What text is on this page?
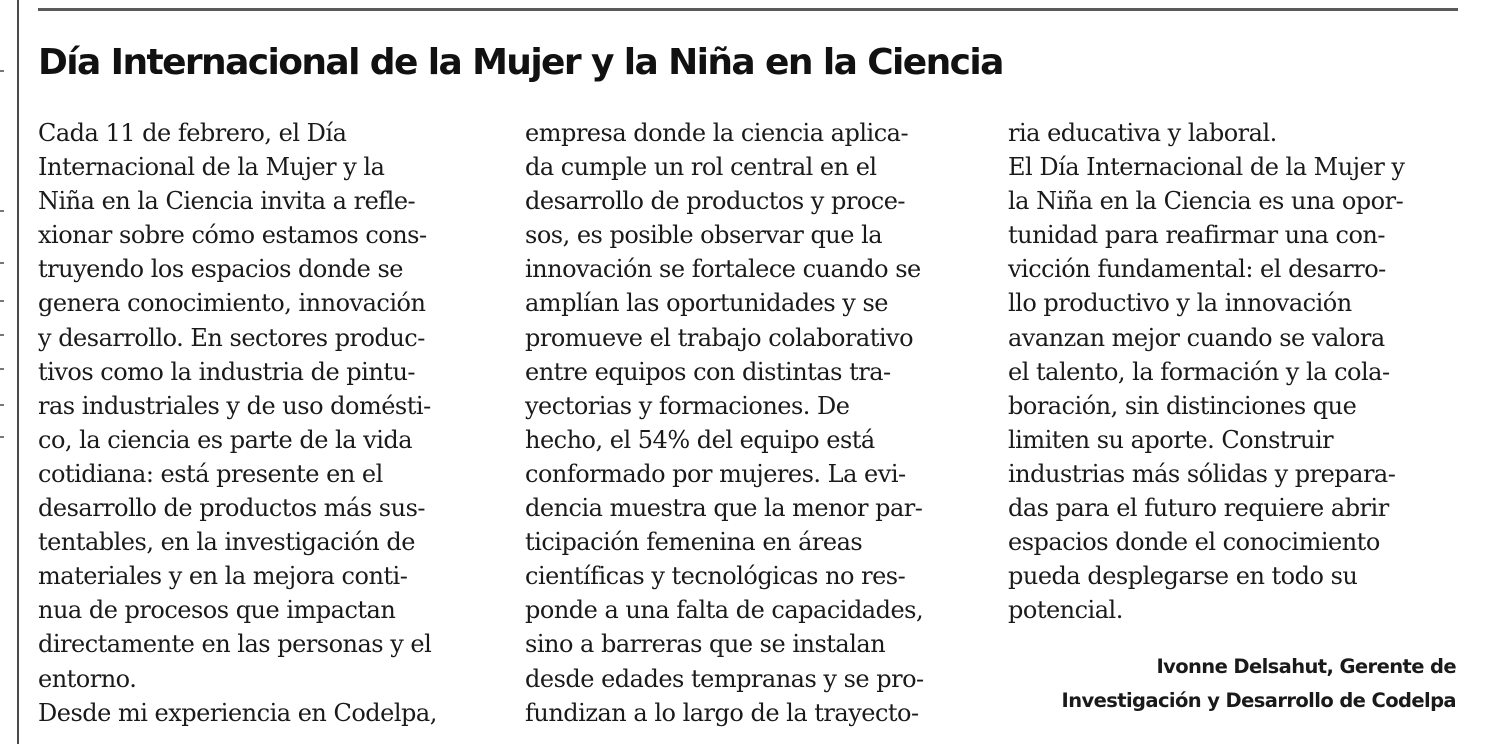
Día Internacional de la Mujer y la Niña en la Ciencia
Cada 11 de febrero, el Día
Internacional de la Mujer y la
Niña en la Ciencia invita a refle-
xionar sobre cómo estamos cons-
truyendo los espacios donde se
genera conocimiento, innovación
y desarrollo. En sectores produc-
tivos como la industria de pintu-
ras industriales y de uso domésti-
co, la ciencia es parte de la vida
cotidiana: está presente en el
desarrollo de productos más sus-
tentables, en la investigación de
materiales y en la mejora conti-
nua de procesos que impactan
directamente en las personas y el
entorno.
Desde mi experiencia en Codelpa,
empresa donde la ciencia aplica-
da cumple un rol central en el
desarrollo de productos y proce-
sos, es posible observar que la
innovación se fortalece cuando se
amplían las oportunidades y se
promueve el trabajo colaborativo
entre equipos con distintas tra-
yectorias y formaciones. De
hecho, el 54% del equipo está
conformado por mujeres. La evi-
dencia muestra que la menor par-
ticipación femenina en áreas
científicas y tecnológicas no res-
ponde a una falta de capacidades,
sino a barreras que se instalan
desde edades tempranas y se pro-
fundizan a lo largo de la trayecto-
ria educativa y laboral.
El Día Internacional de la Mujer y
la Niña en la Ciencia es una opor-
tunidad para reafirmar una con-
vicción fundamental: el desarro-
llo productivo y la innovación
avanzan mejor cuando se valora
el talento, la formación y la cola-
boración, sin distinciones que
limiten su aporte. Construir
industrias más sólidas y prepara-
das para el futuro requiere abrir
espacios donde el conocimiento
pueda desplegarse en todo su
potencial.
Ivonne Delsahut, Gerente de
Investigación y Desarrollo de Codelpa
